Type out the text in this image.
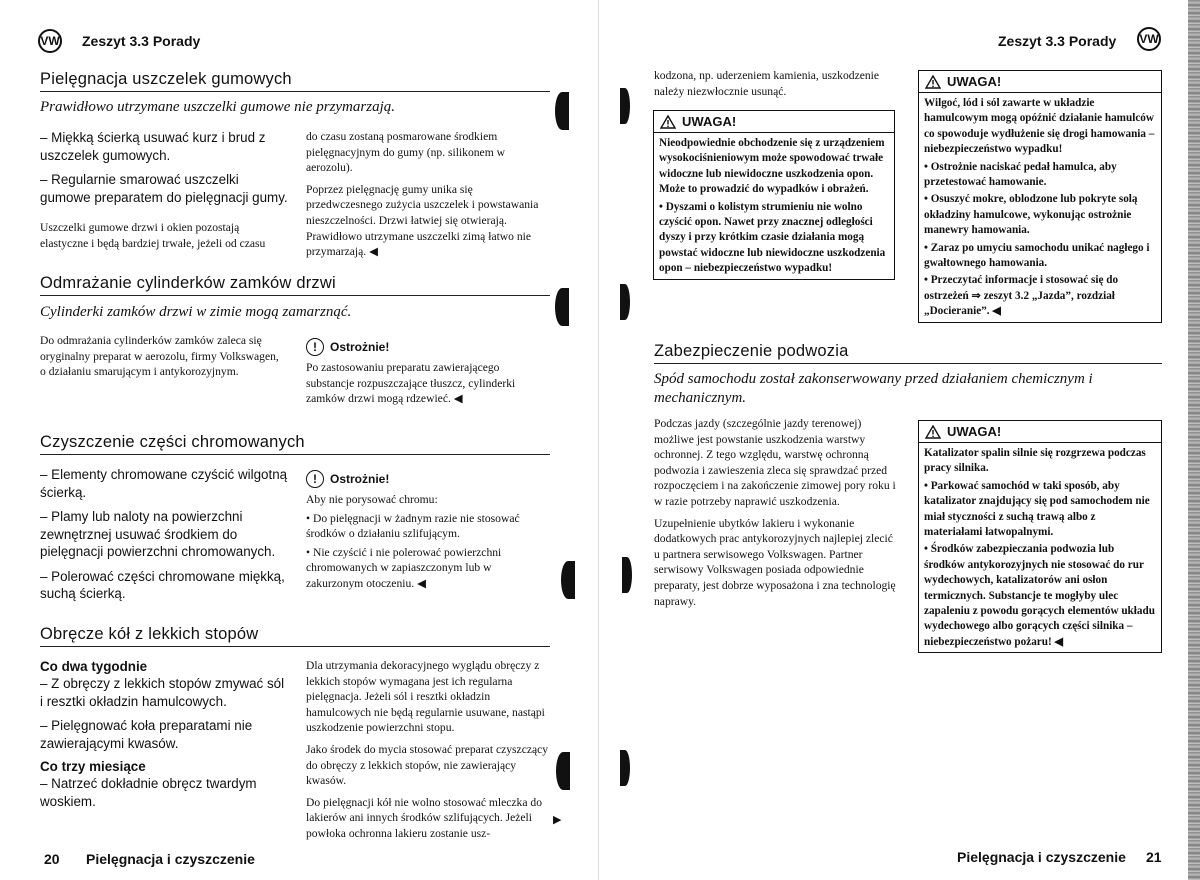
VW Zeszyt 3.3 Porady
Pielęgnacja uszczelek gumowych
Prawidłowo utrzymane uszczelki gumowe nie przymarzają.
– Miękką ścierką usuwać kurz i brud z uszczelek gumowych.
– Regularnie smarować uszczelki gumowe preparatem do pielęgnacji gumy.
Uszczelki gumowe drzwi i okien pozostają elastyczne i będą bardziej trwałe, jeżeli od czasu
do czasu zostaną posmarowane środkiem pielęgnacyjnym do gumy (np. silikonem w aerozolu).
Poprzez pielęgnację gumy unika się przedwczesnego zużycia uszczelek i powstawania nieszczelności. Drzwi łatwiej się otwierają.
Prawidłowo utrzymane uszczelki zimą łatwo nie przymarzają. ◀
Odmrażanie cylinderków zamków drzwi
Cylinderki zamków drzwi w zimie mogą zamarznąć.
Do odmrażania cylinderków zamków zaleca się oryginalny preparat w aerozolu, firmy Volkswagen, o działaniu smarującym i antykorozyjnym.
!	Ostrożnie!
Po zastosowaniu preparatu zawierającego substancje rozpuszczające tłuszcz, cylinderki zamków drzwi mogą rdzewieć. ◀
Czyszczenie części chromowanych
– Elementy chromowane czyścić wilgotną ścierką.
– Plamy lub naloty na powierzchni zewnętrznej usuwać środkiem do pielęgnacji powierzchni chromowanych.
– Polerować części chromowane miękką, suchą ścierką.
!	Ostrożnie!
Aby nie porysować chromu:
• Do pielęgnacji w żadnym razie nie stosować środków o działaniu szlifującym.
• Nie czyścić i nie polerować powierzchni chromowanych w zapiaszczonym lub w zakurzonym otoczeniu. ◀
Obręcze kół z lekkich stopów
Co dwa tygodnie
– Z obręczy z lekkich stopów zmywać sól i resztki okładzin hamulcowych.
– Pielęgnować koła preparatami nie zawierającymi kwasów.
Co trzy miesiące
– Natrzeć dokładnie obręcz twardym woskiem.
Dla utrzymania dekoracyjnego wyglądu obręczy z lekkich stopów wymagana jest ich regularna pielęgnacja. Jeżeli sól i resztki okładzin hamulcowych nie będą regularnie usuwane, nastąpi uszkodzenie powierzchni stopu.
Jako środek do mycia stosować preparat czyszczący do obręczy z lekkich stopów, nie zawierający kwasów.
Do pielęgnacji kół nie wolno stosować mleczka do lakierów ani innych środków szlifujących. Jeżeli powłoka ochronna lakieru zostanie usz-
▶
20 Pielęgnacja i czyszczenie
Zeszyt 3.3 Porady VW
kodzona, np. uderzeniem kamienia, uszkodzenie należy niezwłocznie usunąć.
UWAGA!

Nieodpowiednie obchodzenie się z urządzeniem wysokociśnieniowym może spowodować trwałe widoczne lub niewidoczne uszkodzenia opon. Może to prowadzić do wypadków i obrażeń.

• Dyszami o kolistym strumieniu nie wolno czyścić opon. Nawet przy znacznej odległości dyszy i przy krótkim czasie działania mogą powstać widoczne lub niewidoczne uszkodzenia opon – niebezpieczeństwo wypadku!

UWAGA!

Wilgoć, lód i sól zawarte w układzie hamulcowym mogą opóźnić działanie hamulców co spowoduje wydłużenie się drogi hamowania – niebezpieczeństwo wypadku!

• Ostrożnie naciskać pedał hamulca, aby przetestować hamowanie.

• Osuszyć mokre, oblodzone lub pokryte solą okładziny hamulcowe, wykonując ostrożnie manewry hamowania.

• Zaraz po umyciu samochodu unikać nagłego i gwałtownego hamowania.

• Przeczytać informacje i stosować się do ostrzeżeń ⇒ zeszyt 3.2 „Jazda”, rozdział „Docieranie”. ◀

Zabezpieczenie podwozia
Spód samochodu został zakonserwowany przed działaniem chemicznym i mechanicznym.
Podczas jazdy (szczególnie jazdy terenowej) możliwe jest powstanie uszkodzenia warstwy ochronnej. Z tego względu, warstwę ochronną podwozia i zawieszenia zleca się sprawdzać przed rozpoczęciem i na zakończenie zimowej pory roku i w razie potrzeby naprawić uszkodzenia.
Uzupełnienie ubytków lakieru i wykonanie dodatkowych prac antykorozyjnych najlepiej zlecić u partnera serwisowego Volkswagen. Partner serwisowy Volkswagen posiada odpowiednie preparaty, jest dobrze wyposażona i zna technologię naprawy.
UWAGA!

Katalizator spalin silnie się rozgrzewa podczas pracy silnika.

• Parkować samochód w taki sposób, aby katalizator znajdujący się pod samochodem nie miał styczności z suchą trawą albo z materiałami łatwopalnymi.

• Środków zabezpieczania podwozia lub środków antykorozyjnych nie stosować do rur wydechowych, katalizatorów ani osłon termicznych. Substancje te mogłyby ulec zapaleniu z powodu gorących elementów układu wydechowego albo gorących części silnika – niebezpieczeństwo pożaru! ◀

Pielęgnacja i czyszczenie 21
